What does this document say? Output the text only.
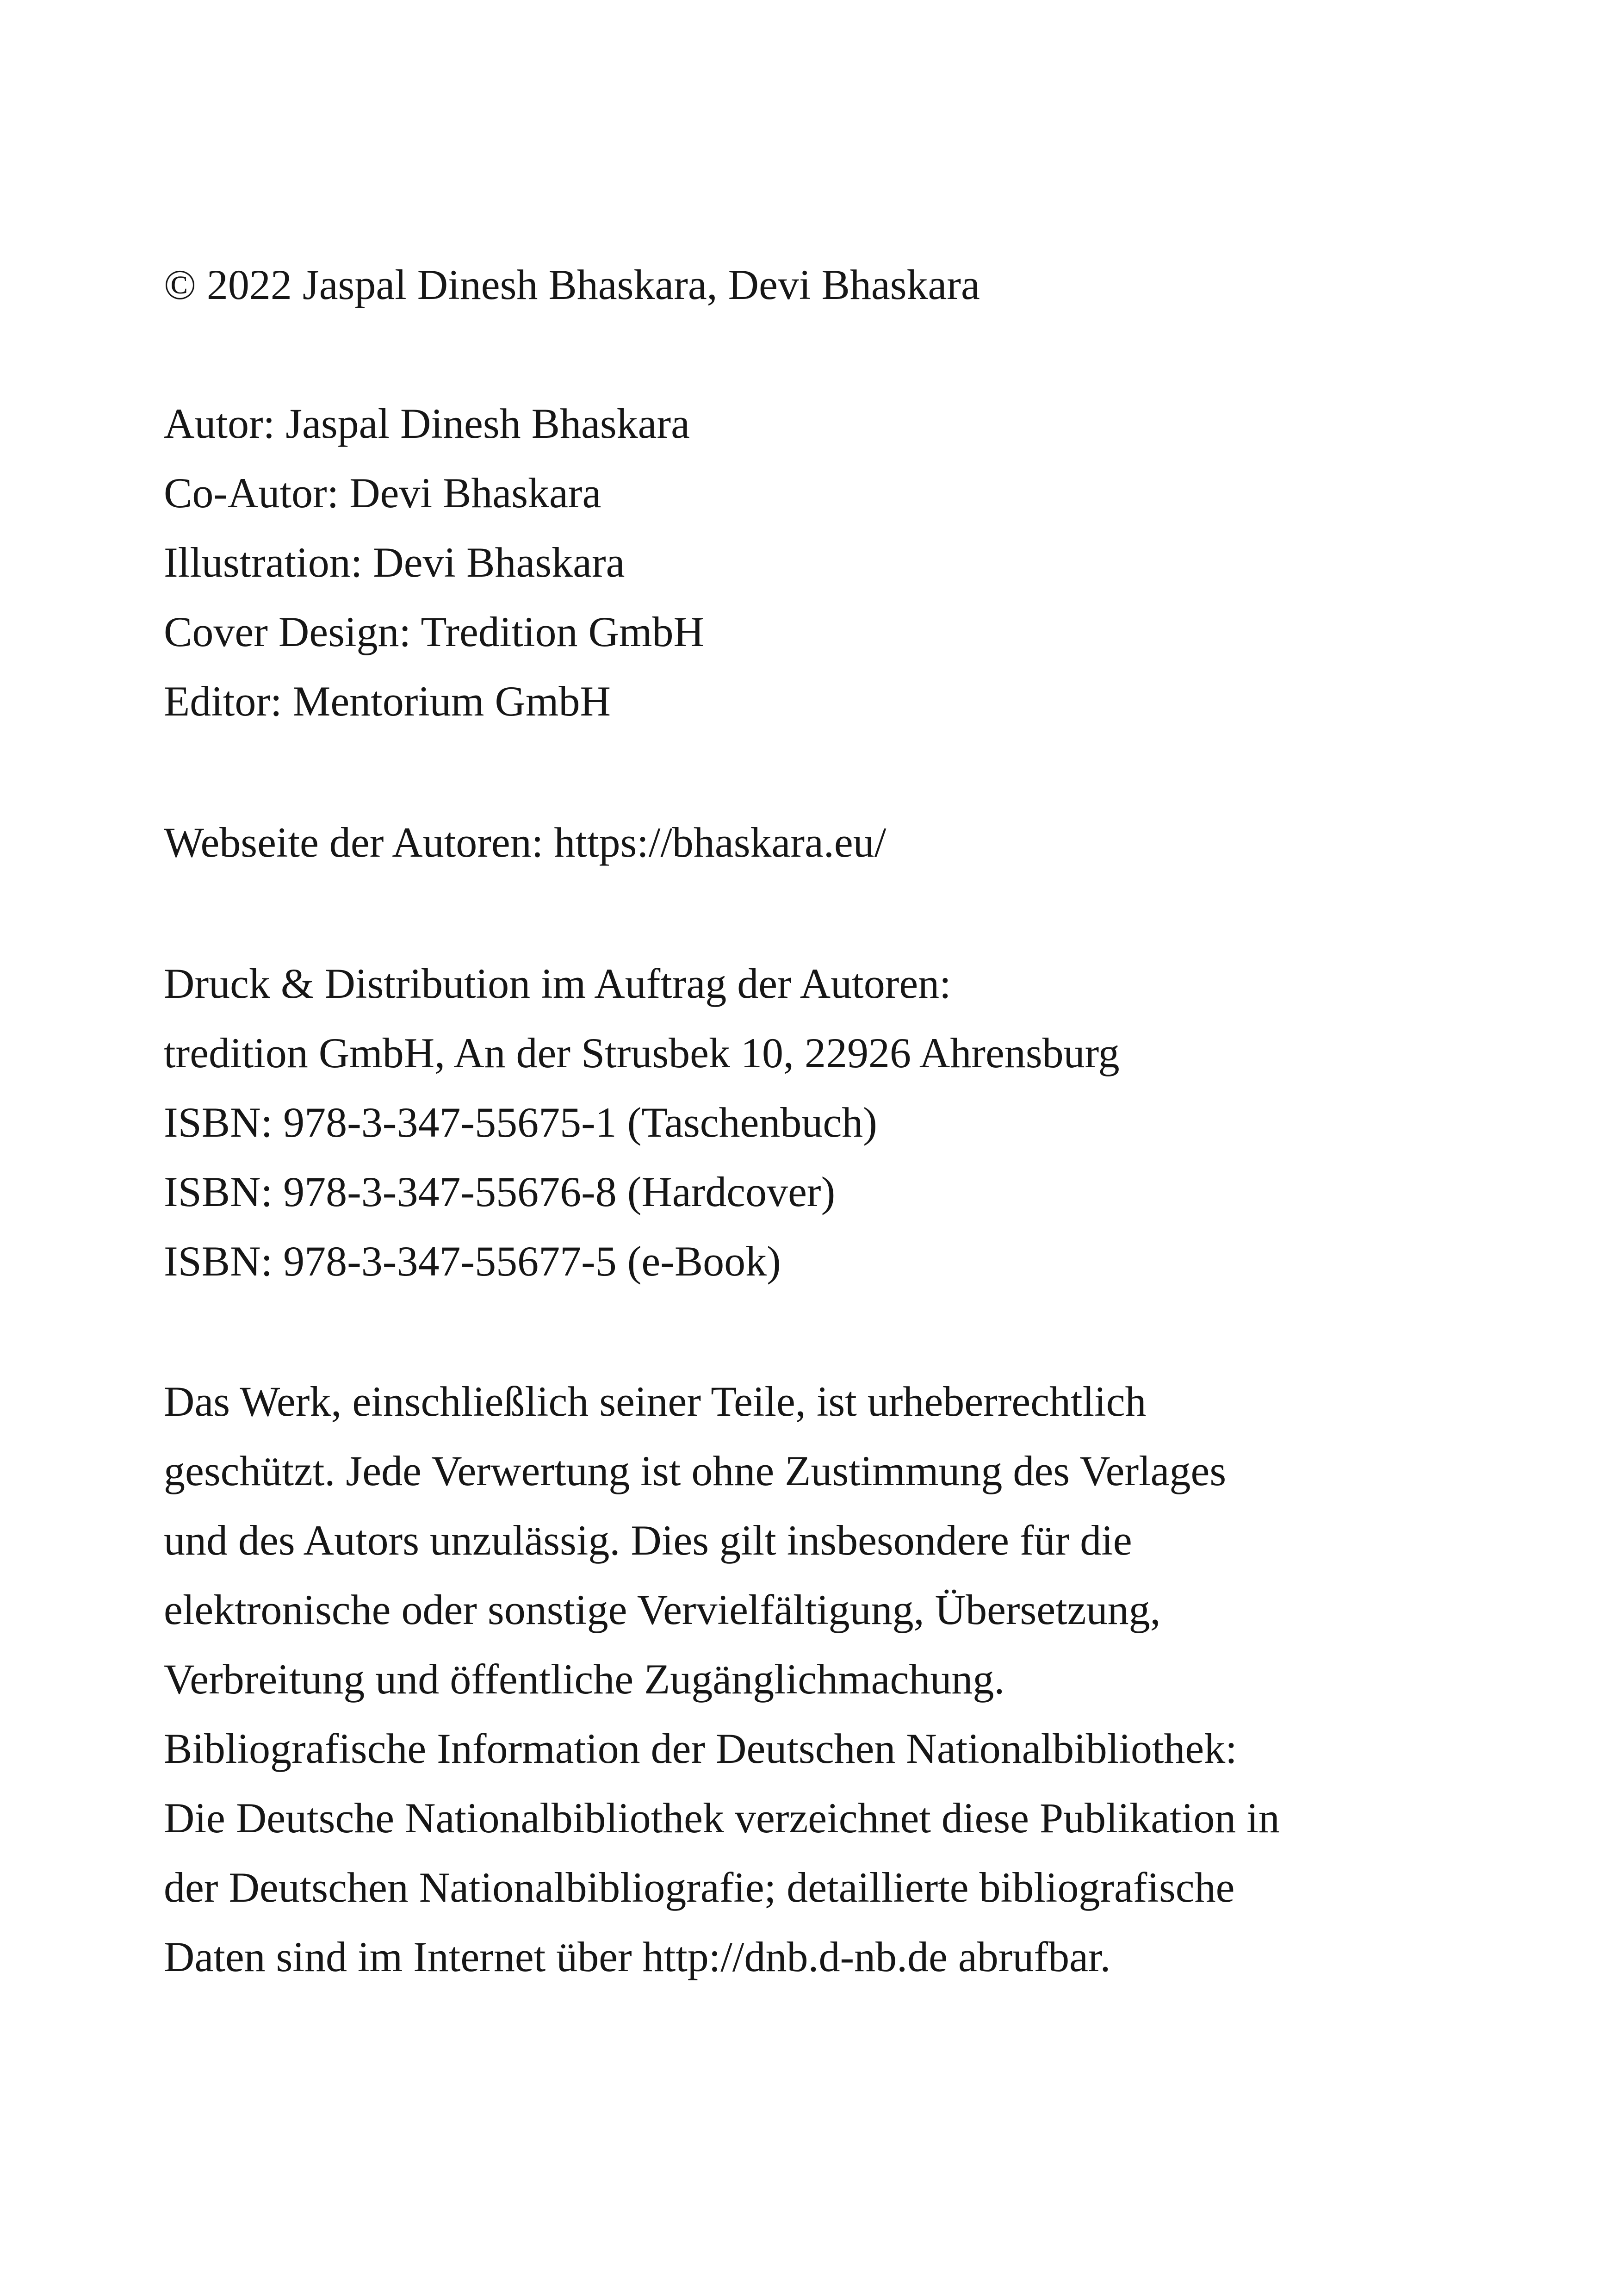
© 2022 Jaspal Dinesh Bhaskara, Devi Bhaskara

Autor: Jaspal Dinesh Bhaskara

Co-Autor: Devi Bhaskara

Illustration: Devi Bhaskara

Cover Design: Tredition GmbH

Editor: Mentorium GmbH

Webseite der Autoren: https://bhaskara.eu/

Druck & Distribution im Auftrag der Autoren:

tredition GmbH, An der Strusbek 10, 22926 Ahrensburg

ISBN: 978-3-347-55675-1 (Taschenbuch)

ISBN: 978-3-347-55676-8 (Hardcover)

ISBN: 978-3-347-55677-5 (e-Book)

Das Werk, einschließlich seiner Teile, ist urheberrechtlich

geschützt. Jede Verwertung ist ohne Zustimmung des Verlages

und des Autors unzulässig. Dies gilt insbesondere für die

elektronische oder sonstige Vervielfältigung, Übersetzung,

Verbreitung und öffentliche Zugänglichmachung.

Bibliografische Information der Deutschen Nationalbibliothek:

Die Deutsche Nationalbibliothek verzeichnet diese Publikation in

der Deutschen Nationalbibliografie; detaillierte bibliografische

Daten sind im Internet über http://dnb.d-nb.de abrufbar.
